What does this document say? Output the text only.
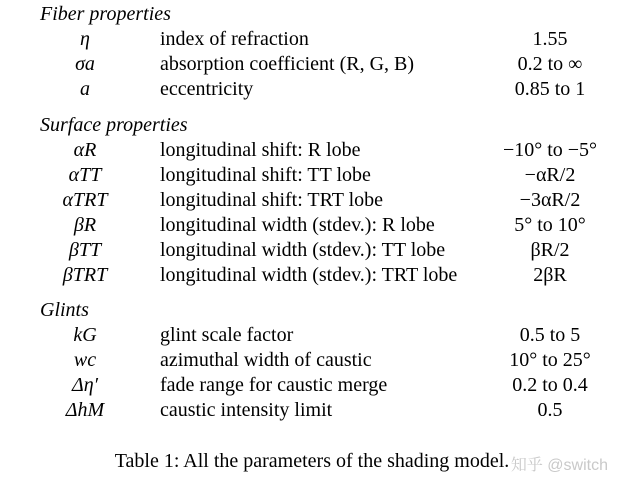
Fiber properties
η	index of refraction	1.55
σa	absorption coefficient (R, G, B)	0.2 to ∞
a	eccentricity	0.85 to 1
Surface properties
αR	longitudinal shift: R lobe	−10° to −5°
αTT	longitudinal shift: TT lobe	−αR/2
αTRT	longitudinal shift: TRT lobe	−3αR/2
βR	longitudinal width (stdev.): R lobe	5° to 10°
βTT	longitudinal width (stdev.): TT lobe	βR/2
βTRT	longitudinal width (stdev.): TRT lobe	2βR
Glints
kG	glint scale factor	0.5 to 5
wc	azimuthal width of caustic	10° to 25°
Δη′	fade range for caustic merge	0.2 to 0.4
ΔhM	caustic intensity limit	0.5
Table 1: All the parameters of the shading model. 知乎 @switch
